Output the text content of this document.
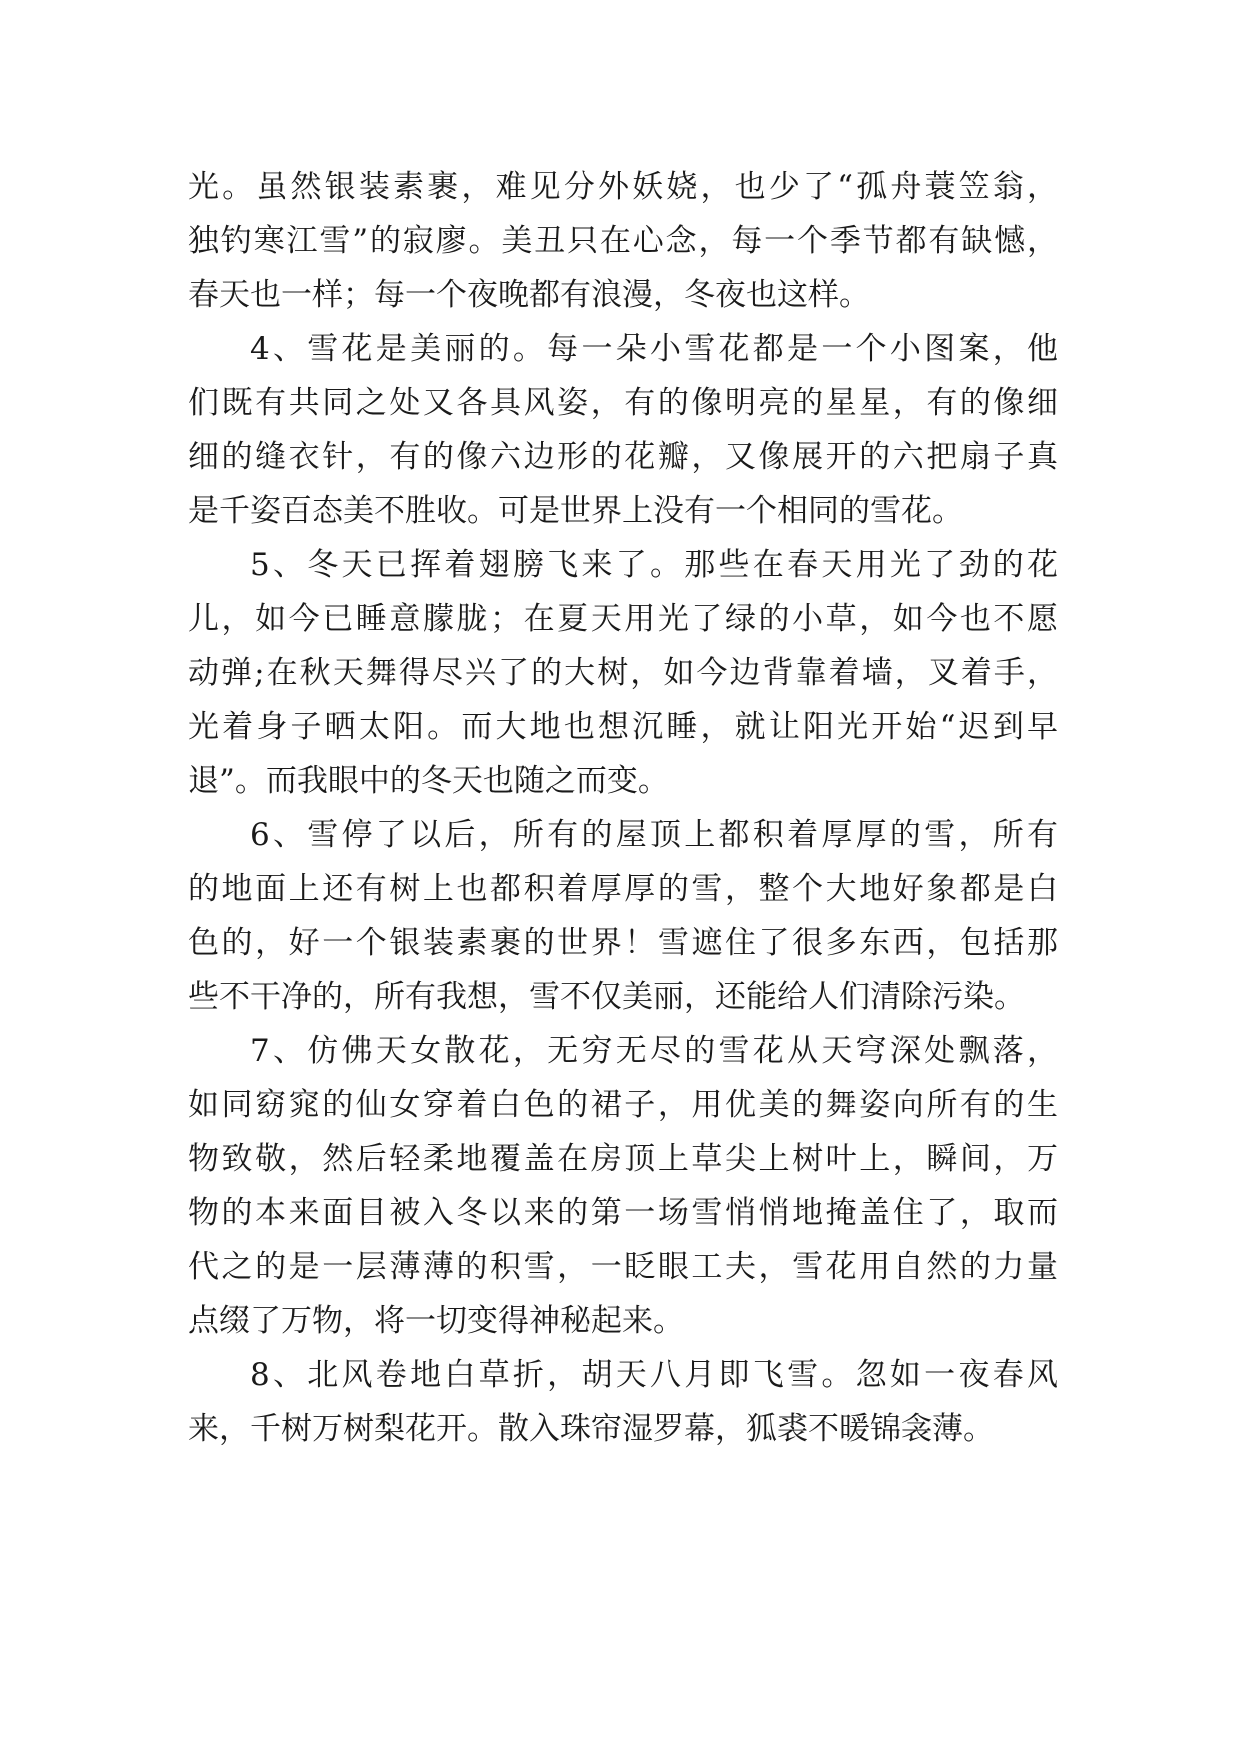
光。虽然银装素裹，难见分外妖娆，也少了“孤舟蓑笠翁，
独钓寒江雪”的寂廖。美丑只在心念，每一个季节都有缺憾，
春天也一样；每一个夜晚都有浪漫，冬夜也这样。
4、雪花是美丽的。每一朵小雪花都是一个小图案，他
们既有共同之处又各具风姿，有的像明亮的星星，有的像细
细的缝衣针，有的像六边形的花瓣，又像展开的六把扇子真
是千姿百态美不胜收。可是世界上没有一个相同的雪花。
5、冬天已挥着翅膀飞来了。那些在春天用光了劲的花
儿，如今已睡意朦胧；在夏天用光了绿的小草，如今也不愿
动弹;在秋天舞得尽兴了的大树，如今边背靠着墙，叉着手，
光着身子晒太阳。而大地也想沉睡，就让阳光开始“迟到早
退”。而我眼中的冬天也随之而变。
6、雪停了以后，所有的屋顶上都积着厚厚的雪，所有
的地面上还有树上也都积着厚厚的雪，整个大地好象都是白
色的，好一个银装素裹的世界！雪遮住了很多东西，包括那
些不干净的，所有我想，雪不仅美丽，还能给人们清除污染。
7、仿佛天女散花，无穷无尽的雪花从天穹深处飘落，
如同窈窕的仙女穿着白色的裙子，用优美的舞姿向所有的生
物致敬，然后轻柔地覆盖在房顶上草尖上树叶上，瞬间，万
物的本来面目被入冬以来的第一场雪悄悄地掩盖住了，取而
代之的是一层薄薄的积雪，一眨眼工夫，雪花用自然的力量
点缀了万物，将一切变得神秘起来。
8、北风卷地白草折，胡天八月即飞雪。忽如一夜春风
来，千树万树梨花开。散入珠帘湿罗幕，狐裘不暖锦衾薄。
